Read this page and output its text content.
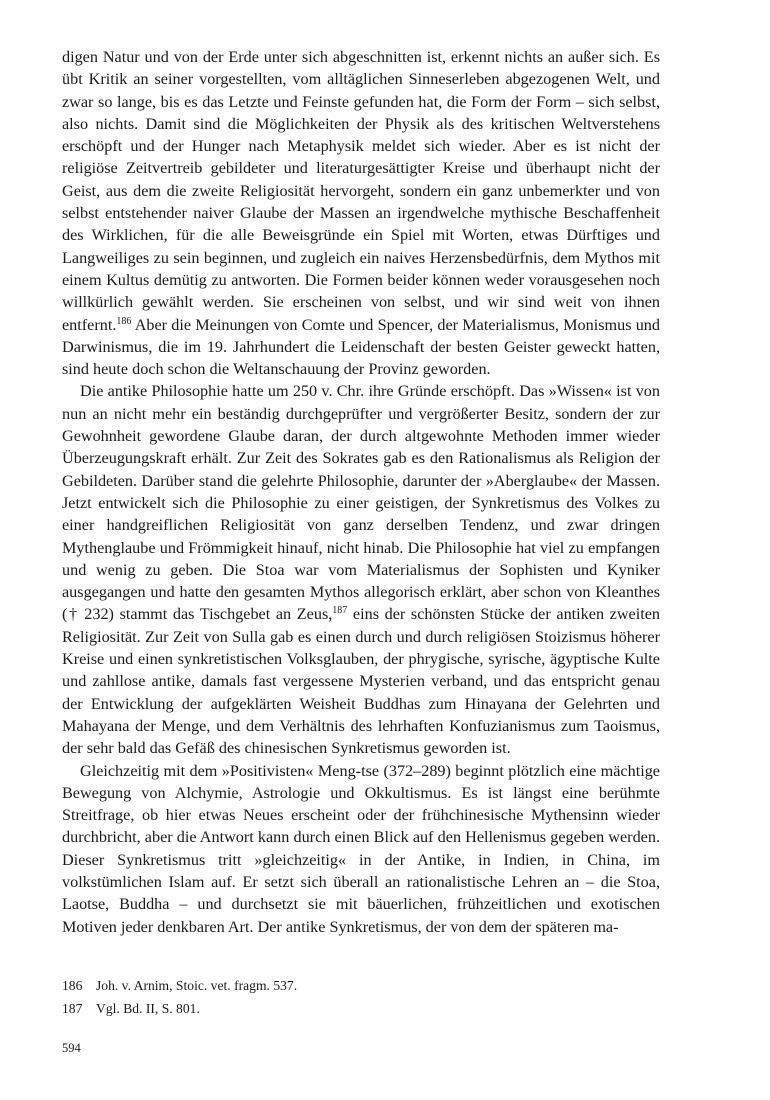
digen Natur und von der Erde unter sich abgeschnitten ist, erkennt nichts an außer sich. Es übt Kritik an seiner vorgestellten, vom alltäglichen Sinneserleben abgezogenen Welt, und zwar so lange, bis es das Letzte und Feinste gefunden hat, die Form der Form – sich selbst, also nichts. Damit sind die Möglichkeiten der Physik als des kritischen Weltverstehens erschöpft und der Hunger nach Metaphysik meldet sich wieder. Aber es ist nicht der religiöse Zeitvertreib gebildeter und literaturgesättigter Kreise und überhaupt nicht der Geist, aus dem die zweite Religiosität hervorgeht, sondern ein ganz unbemerkter und von selbst entstehender naiver Glaube der Massen an irgendwelche mythische Beschaffenheit des Wirklichen, für die alle Beweisgründe ein Spiel mit Worten, etwas Dürftiges und Langweiliges zu sein beginnen, und zugleich ein naives Herzensbedürfnis, dem Mythos mit einem Kultus demütig zu antworten. Die Formen beider können weder vorausgesehen noch willkürlich gewählt werden. Sie erscheinen von selbst, und wir sind weit von ihnen entfernt.$^{186}$ Aber die Meinungen von Comte und Spencer, der Materialismus, Monismus und Darwinismus, die im 19. Jahrhundert die Leidenschaft der besten Geister geweckt hatten, sind heute doch schon die Weltanschauung der Provinz geworden.

Die antike Philosophie hatte um 250 v. Chr. ihre Gründe erschöpft. Das »Wissen« ist von nun an nicht mehr ein beständig durchgeprüfter und vergrößerter Besitz, sondern der zur Gewohnheit gewordene Glaube daran, der durch altgewohnte Methoden immer wieder Überzeugungskraft erhält. Zur Zeit des Sokrates gab es den Rationalismus als Religion der Gebildeten. Darüber stand die gelehrte Philosophie, darunter der »Aberglaube« der Massen. Jetzt entwickelt sich die Philosophie zu einer geistigen, der Synkretismus des Volkes zu einer handgreiflichen Religiosität von ganz derselben Tendenz, und zwar dringen Mythenglaube und Frömmigkeit hinauf, nicht hinab. Die Philosophie hat viel zu empfangen und wenig zu geben. Die Stoa war vom Materialismus der Sophisten und Kyniker ausgegangen und hatte den gesamten Mythos allegorisch erklärt, aber schon von Kleanthes († 232) stammt das Tischgebet an Zeus,$^{187}$ eins der schönsten Stücke der antiken zweiten Religiosität. Zur Zeit von Sulla gab es einen durch und durch religiösen Stoizismus höherer Kreise und einen synkretistischen Volksglauben, der phrygische, syrische, ägyptische Kulte und zahllose antike, damals fast vergessene Mysterien verband, und das entspricht genau der Entwicklung der aufgeklärten Weisheit Buddhas zum Hinayana der Gelehrten und Mahayana der Menge, und dem Verhältnis des lehrhaften Konfuzianismus zum Taoismus, der sehr bald das Gefäß des chinesischen Synkretismus geworden ist.

Gleichzeitig mit dem »Positivisten« Meng-tse (372–289) beginnt plötzlich eine mächtige Bewegung von Alchymie, Astrologie und Okkultismus. Es ist längst eine berühmte Streitfrage, ob hier etwas Neues erscheint oder der frühchinesische Mythensinn wieder durchbricht, aber die Antwort kann durch einen Blick auf den Hellenismus gegeben werden. Dieser Synkretismus tritt »gleichzeitig« in der Antike, in Indien, in China, im volkstümlichen Islam auf. Er setzt sich überall an rationalistische Lehren an – die Stoa, Laotse, Buddha – und durchsetzt sie mit bäuerlichen, frühzeitlichen und exotischen Motiven jeder denkbaren Art. Der antike Synkretismus, der von dem der späteren ma-

186	Joh. v. Arnim, Stoic. vet. fragm. 537.
187	Vgl. Bd. II, S. 801.
594
